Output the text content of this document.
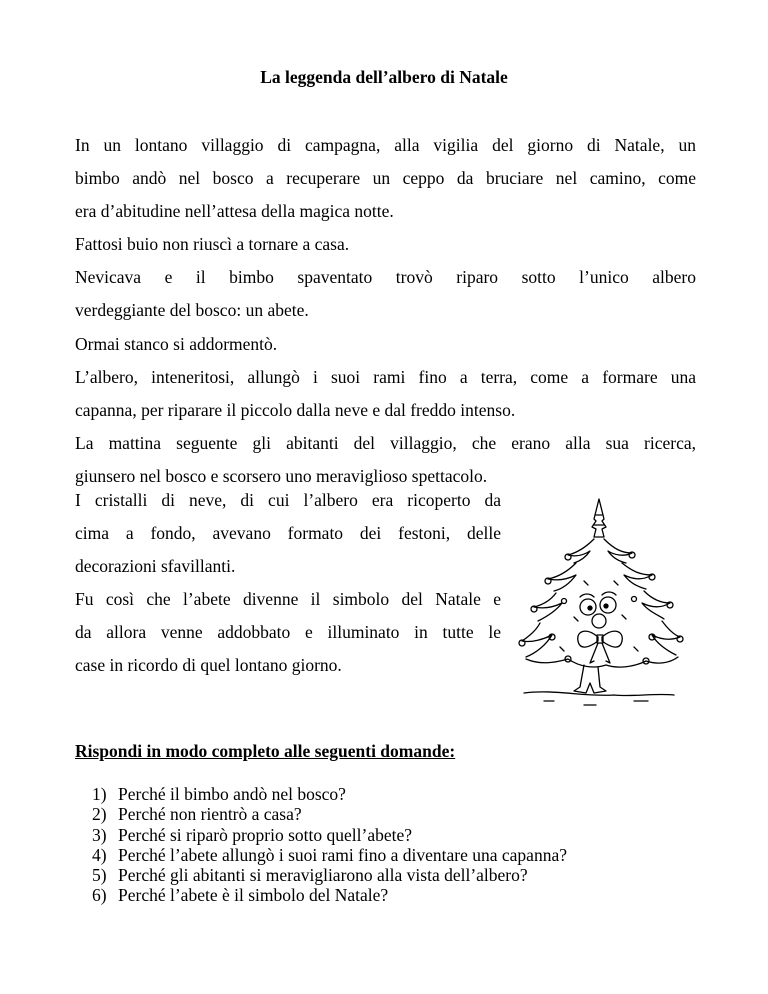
La leggenda dell’albero di Natale

In un lontano villaggio di campagna, alla vigilia del giorno di Natale, un

bimbo andò nel bosco a recuperare un ceppo da bruciare nel camino, come

era d’abitudine nell’attesa della magica notte.

Fattosi buio non riuscì a tornare a casa.

Nevicava e il bimbo spaventato trovò riparo sotto l’unico albero

verdeggiante del bosco: un abete.

Ormai stanco si addormentò.

L’albero, inteneritosi, allungò i suoi rami fino a terra, come a formare una

capanna, per riparare il piccolo dalla neve e dal freddo intenso.

La mattina seguente gli abitanti del villaggio, che erano alla sua ricerca,

giunsero nel bosco e scorsero uno meraviglioso spettacolo.

I cristalli di neve, di cui l’albero era ricoperto da

cima a fondo, avevano formato dei festoni, delle

decorazioni sfavillanti.

Fu così che l’abete divenne il simbolo del Natale e

da allora venne addobbato e illuminato in tutte le

case in ricordo di quel lontano giorno.

Rispondi in modo completo alle seguenti domande:
1) Perché il bimbo andò nel bosco?
2) Perché non rientrò a casa?
3) Perché si riparò proprio sotto quell’abete?
4) Perché l’abete allungò i suoi rami fino a diventare una capanna?
5) Perché gli abitanti si meravigliarono alla vista dell’albero?
6) Perché l’abete è il simbolo del Natale?
